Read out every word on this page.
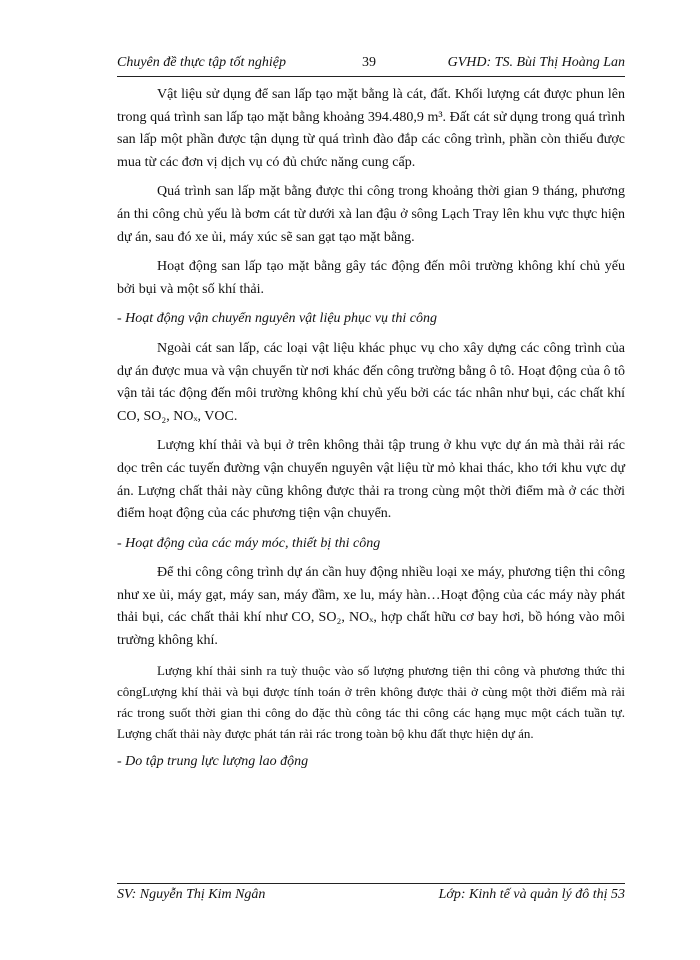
Chuyên đề thực tập tốt nghiệp	39	GVHD: TS. Bùi Thị Hoàng Lan

Vật liệu sử dụng để san lấp tạo mặt bằng là cát, đất. Khối lượng cát được phun lên trong quá trình san lấp tạo mặt bằng khoảng 394.480,9 m³. Đất cát sử dụng trong quá trình san lấp một phần được tận dụng từ quá trình đào đắp các công trình, phần còn thiếu được mua từ các đơn vị dịch vụ có đủ chức năng cung cấp.

Quá trình san lấp mặt bằng được thi công trong khoảng thời gian 9 tháng, phương án thi công chủ yếu là bơm cát từ dưới xà lan đậu ở sông Lạch Tray lên khu vực thực hiện dự án, sau đó xe ủi, máy xúc sẽ san gạt tạo mặt bằng.

Hoạt động san lấp tạo mặt bằng gây tác động đến môi trường không khí chủ yếu bởi bụi và một số khí thải.

- Hoạt động vận chuyển nguyên vật liệu phục vụ thi công

Ngoài cát san lấp, các loại vật liệu khác phục vụ cho xây dựng các công trình của dự án được mua và vận chuyển từ nơi khác đến công trường bằng ô tô. Hoạt động của ô tô vận tải tác động đến môi trường không khí chủ yếu bởi các tác nhân như bụi, các chất khí CO, SO₂, NOₓ, VOC.

Lượng khí thải và bụi ở trên không thải tập trung ở khu vực dự án mà thải rải rác dọc trên các tuyến đường vận chuyển nguyên vật liệu từ mỏ khai thác, kho tới khu vực dự án. Lượng chất thải này cũng không được thải ra trong cùng một thời điểm mà ở các thời điểm hoạt động của các phương tiện vận chuyển.

- Hoạt động của các máy móc, thiết bị thi công

Để thi công công trình dự án cần huy động nhiều loại xe máy, phương tiện thi công như xe ủi, máy gạt, máy san, máy đầm, xe lu, máy hàn…Hoạt động của các máy này phát thải bụi, các chất thải khí như CO, SO₂, NOₓ, hợp chất hữu cơ bay hơi, bồ hóng vào môi trường không khí.

Lượng khí thải sinh ra tuỳ thuộc vào số lượng phương tiện thi công và phương thức thi côngLượng khí thải và bụi được tính toán ở trên không được thải ở cùng một thời điểm mà rải rác trong suốt thời gian thi công do đặc thù công tác thi công các hạng mục một cách tuần tự. Lượng chất thải này được phát tán rải rác trong toàn bộ khu đất thực hiện dự án.

- Do tập trung lực lượng lao động

SV: Nguyễn Thị Kim Ngân	Lớp: Kinh tế và quản lý đô thị 53
